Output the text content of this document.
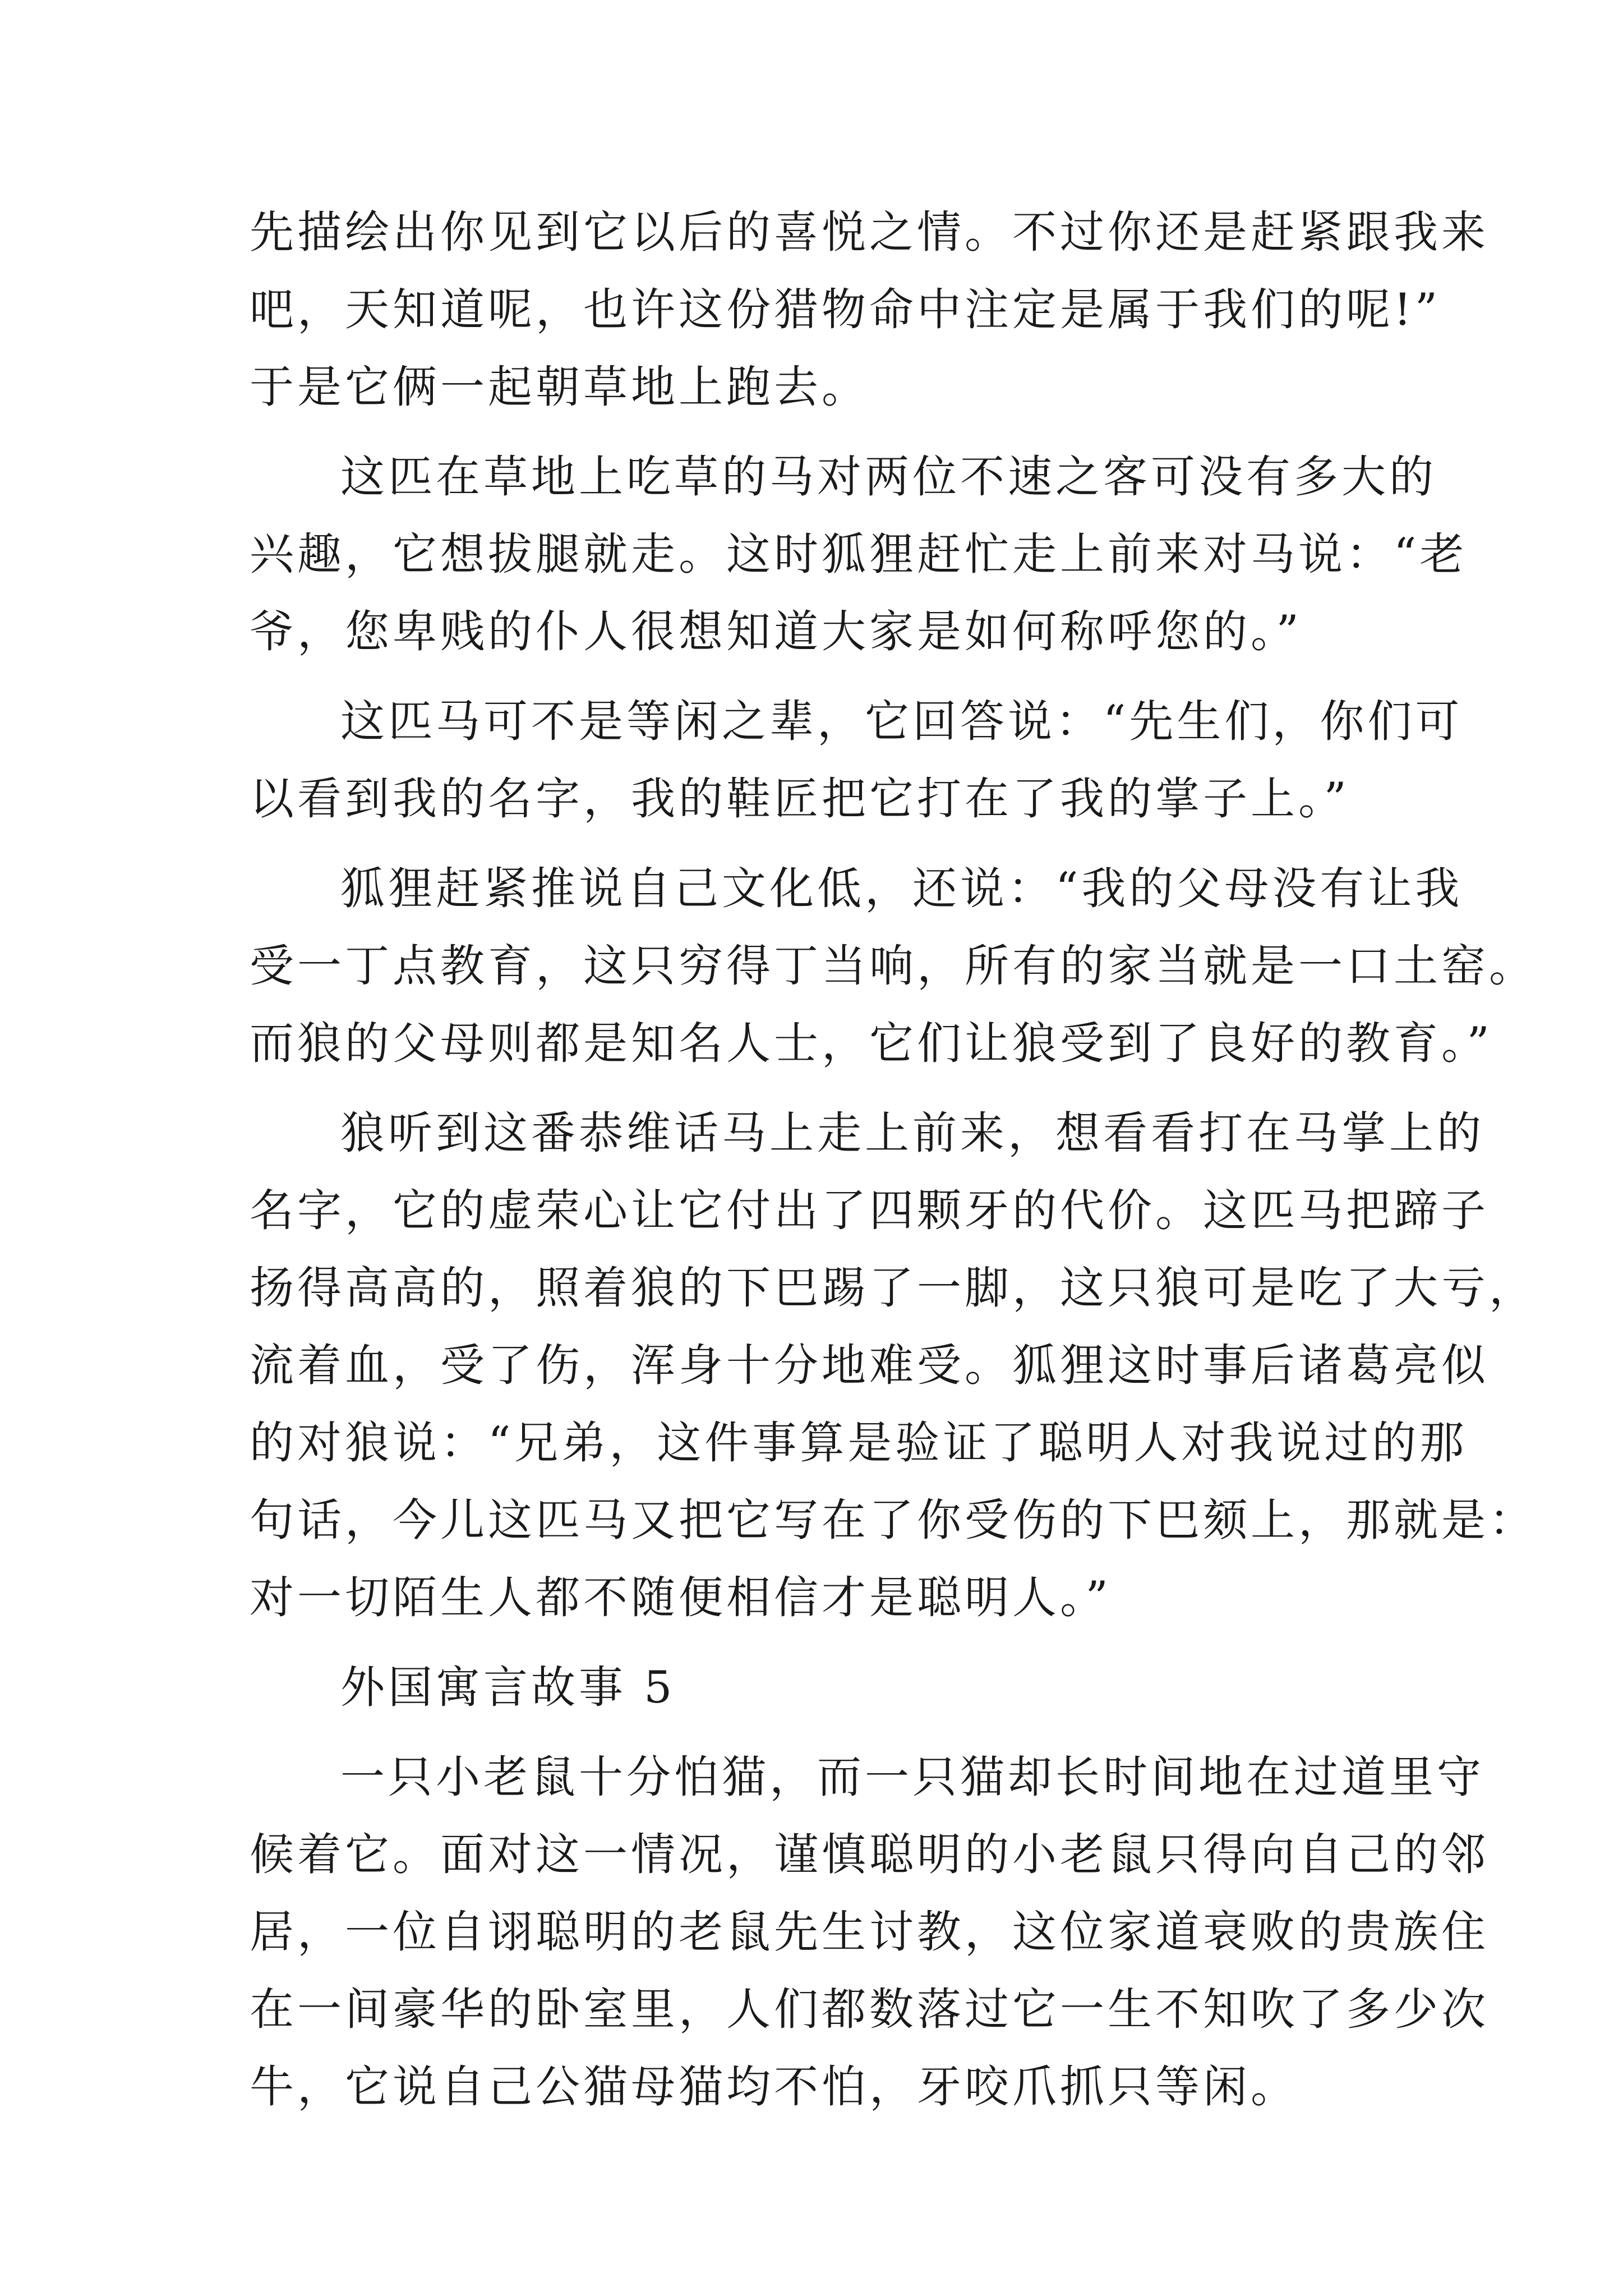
先描绘出你见到它以后的喜悦之情。不过你还是赶紧跟我来
吧，天知道呢，也许这份猎物命中注定是属于我们的呢!”
于是它俩一起朝草地上跑去。
这匹在草地上吃草的马对两位不速之客可没有多大的
兴趣，它想拔腿就走。这时狐狸赶忙走上前来对马说：“老
爷，您卑贱的仆人很想知道大家是如何称呼您的。”
这匹马可不是等闲之辈，它回答说：“先生们，你们可
以看到我的名字，我的鞋匠把它打在了我的掌子上。”
狐狸赶紧推说自己文化低，还说：“我的父母没有让我
受一丁点教育，这只穷得丁当响，所有的家当就是一口土窑。
而狼的父母则都是知名人士，它们让狼受到了良好的教育。”
狼听到这番恭维话马上走上前来，想看看打在马掌上的
名字，它的虚荣心让它付出了四颗牙的代价。这匹马把蹄子
扬得高高的，照着狼的下巴踢了一脚，这只狼可是吃了大亏，
流着血，受了伤，浑身十分地难受。狐狸这时事后诸葛亮似
的对狼说：“兄弟，这件事算是验证了聪明人对我说过的那
句话，今儿这匹马又把它写在了你受伤的下巴颏上，那就是：
对一切陌生人都不随便相信才是聪明人。”
外国寓言故事 5
一只小老鼠十分怕猫，而一只猫却长时间地在过道里守
候着它。面对这一情况，谨慎聪明的小老鼠只得向自己的邻
居，一位自诩聪明的老鼠先生讨教，这位家道衰败的贵族住
在一间豪华的卧室里，人们都数落过它一生不知吹了多少次
牛，它说自己公猫母猫均不怕，牙咬爪抓只等闲。
